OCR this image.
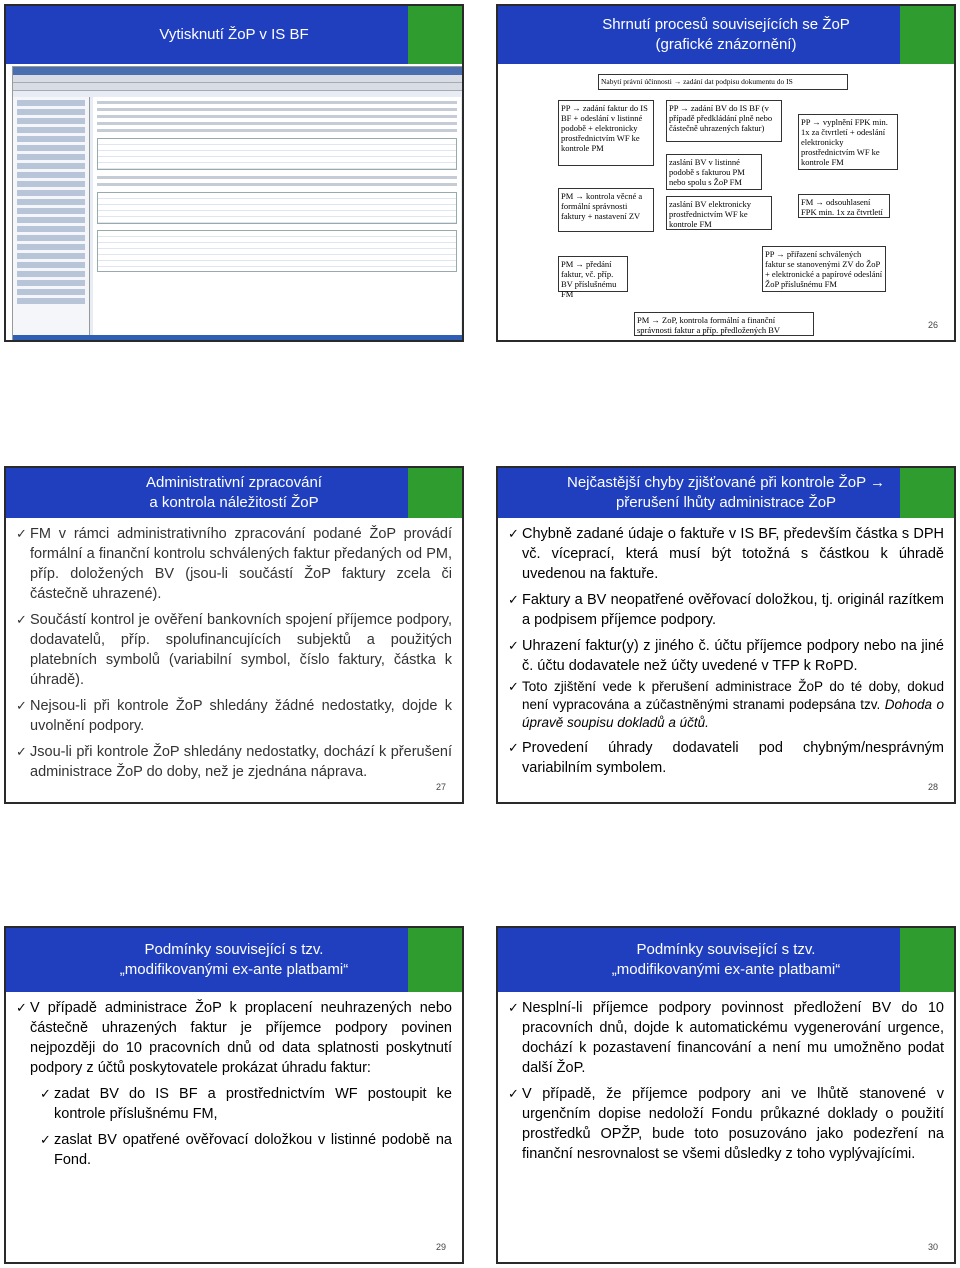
Vytisknutí ŽoP v IS BF
Shrnutí procesů souvisejících se ŽoP
(grafické znázornění)
Nabytí právní účinnosti → zadání dat podpisu dokumentu do IS
PP → zadání faktur do IS BF + odeslání v listinné podobě + elektronicky prostřednictvím WF ke kontrole PM
PP → zadání BV do IS BF (v případě předkládání plně nebo částečně uhrazených faktur)
zaslání BV v listinné podobě s fakturou PM nebo spolu s ŽoP FM
zaslání BV elektronicky prostřednictvím WF ke kontrole FM
PP → vyplnění FPK min. 1x za čtvrtletí + odeslání elektronicky prostřednictvím WF ke kontrole FM
FM → odsouhlasení FPK min. 1x za čtvrtletí
PM → kontrola věcné a formální správnosti faktury + nastavení ZV
PM → předání faktur, vč. příp. BV příslušnému FM
PP → přiřazení schválených faktur se stanovenými ZV do ŽoP + elektronické a papírové odeslání ŽoP příslušnému FM
PM → ZoP, kontrola formální a finanční správnosti faktur a příp. předložených BV	26
Administrativní zpracování
a kontrola náležitostí ŽoP

✓ FM v rámci administrativního zpracování podané ŽoP provádí formální a finanční kontrolu schválených faktur předaných od PM, příp. doložených BV (jsou-li součástí ŽoP faktury zcela či částečně uhrazené).

✓ Součástí kontrol je ověření bankovních spojení příjemce podpory, dodavatelů, příp. spolufinancujících subjektů a použitých platebních symbolů (variabilní symbol, číslo faktury, částka k úhradě).

✓ Nejsou-li při kontrole ŽoP shledány žádné nedostatky, dojde k uvolnění podpory.

✓ Jsou-li při kontrole ŽoP shledány nedostatky, dochází k přerušení administrace ŽoP do doby, než je zjednána náprava.

27
Nejčastější chyby zjišťované při kontrole ŽoP →
přerušení lhůty administrace ŽoP

✓ Chybně zadané údaje o faktuře v IS BF, především částka s DPH vč. víceprací, která musí být totožná s částkou k úhradě uvedenou na faktuře.

✓ Faktury a BV neopatřené ověřovací doložkou, tj. originál razítkem a podpisem příjemce podpory.

✓ Uhrazení faktur(y) z jiného č. účtu příjemce podpory nebo na jiné č. účtu dodavatele než účty uvedené v TFP k RoPD.

✓ Toto zjištění vede k přerušení administrace ŽoP do té doby, dokud není vypracována a zúčastněnými stranami podepsána tzv. Dohoda o úpravě soupisu dokladů a účtů.

✓ Provedení úhrady dodavateli pod chybným/nesprávným variabilním symbolem.

28
Podmínky související s tzv.
„modifikovanými ex-ante platbami“

✓ V případě administrace ŽoP k proplacení neuhrazených nebo částečně uhrazených faktur je příjemce podpory povinen nejpozději do 10 pracovních dnů od data splatnosti poskytnutí podpory z účtů poskytovatele prokázat úhradu faktur:

✓ zadat BV do IS BF a prostřednictvím WF postoupit ke kontrole příslušnému FM,

✓ zaslat BV opatřené ověřovací doložkou v listinné podobě na Fond.

29
Podmínky související s tzv.
„modifikovanými ex-ante platbami“

✓ Nesplní-li příjemce podpory povinnost předložení BV do 10 pracovních dnů, dojde k automatickému vygenerování urgence, dochází k pozastavení financování a není mu umožněno podat další ŽoP.

✓ V případě, že příjemce podpory ani ve lhůtě stanovené v urgenčním dopise nedoloží Fondu průkazné doklady o použití prostředků OPŽP, bude toto posuzováno jako podezření na finanční nesrovnalost se všemi důsledky z toho vyplývajícími.

30
